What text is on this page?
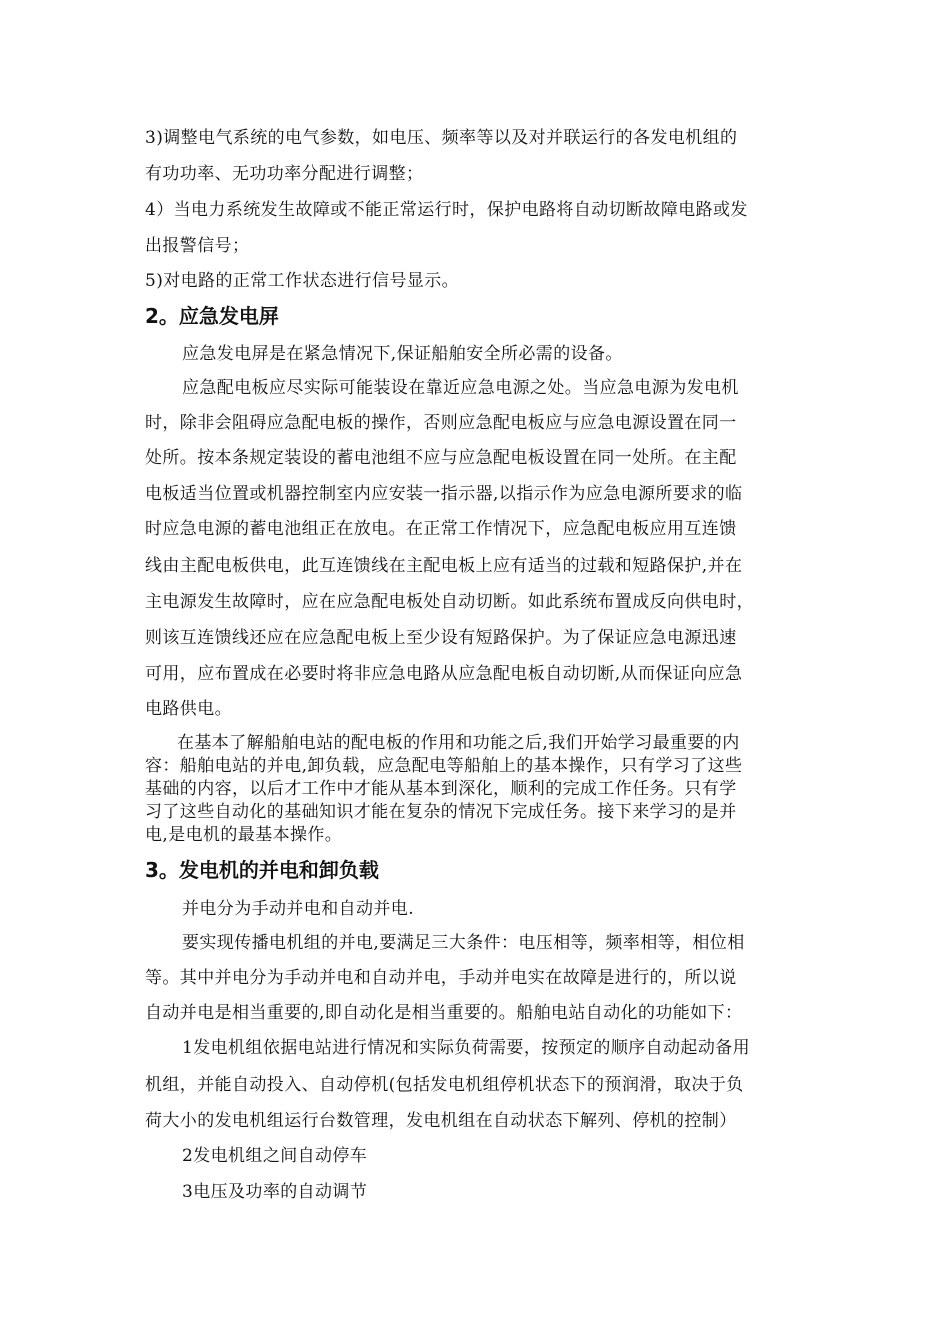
3)调整电气系统的电气参数，如电压、频率等以及对并联运行的各发电机组的
有功功率、无功功率分配进行调整；
4）当电力系统发生故障或不能正常运行时，保护电路将自动切断故障电路或发
出报警信号；
5)对电路的正常工作状态进行信号显示。
2。应急发电屏
应急发电屏是在紧急情况下,保证船舶安全所必需的设备。
应急配电板应尽实际可能装设在靠近应急电源之处。当应急电源为发电机
时，除非会阻碍应急配电板的操作，否则应急配电板应与应急电源设置在同一
处所。按本条规定装设的蓄电池组不应与应急配电板设置在同一处所。在主配
电板适当位置或机器控制室内应安装一指示器,以指示作为应急电源所要求的临
时应急电源的蓄电池组正在放电。在正常工作情况下，应急配电板应用互连馈
线由主配电板供电，此互连馈线在主配电板上应有适当的过载和短路保护,并在
主电源发生故障时，应在应急配电板处自动切断。如此系统布置成反向供电时，
则该互连馈线还应在应急配电板上至少设有短路保护。为了保证应急电源迅速
可用，应布置成在必要时将非应急电路从应急配电板自动切断,从而保证向应急
电路供电。
在基本了解船舶电站的配电板的作用和功能之后,我们开始学习最重要的内
容：船舶电站的并电,卸负载，应急配电等船舶上的基本操作，只有学习了这些
基础的内容，以后才工作中才能从基本到深化，顺利的完成工作任务。只有学
习了这些自动化的基础知识才能在复杂的情况下完成任务。接下来学习的是并
电,是电机的最基本操作。
3。发电机的并电和卸负载
并电分为手动并电和自动并电.
要实现传播电机组的并电,要满足三大条件：电压相等，频率相等，相位相
等。其中并电分为手动并电和自动并电，手动并电实在故障是进行的，所以说
自动并电是相当重要的,即自动化是相当重要的。船舶电站自动化的功能如下：
1发电机组依据电站进行情况和实际负荷需要，按预定的顺序自动起动备用
机组，并能自动投入、自动停机(包括发电机组停机状态下的预润滑，取决于负
荷大小的发电机组运行台数管理，发电机组在自动状态下解列、停机的控制）
2发电机组之间自动停车
3电压及功率的自动调节
